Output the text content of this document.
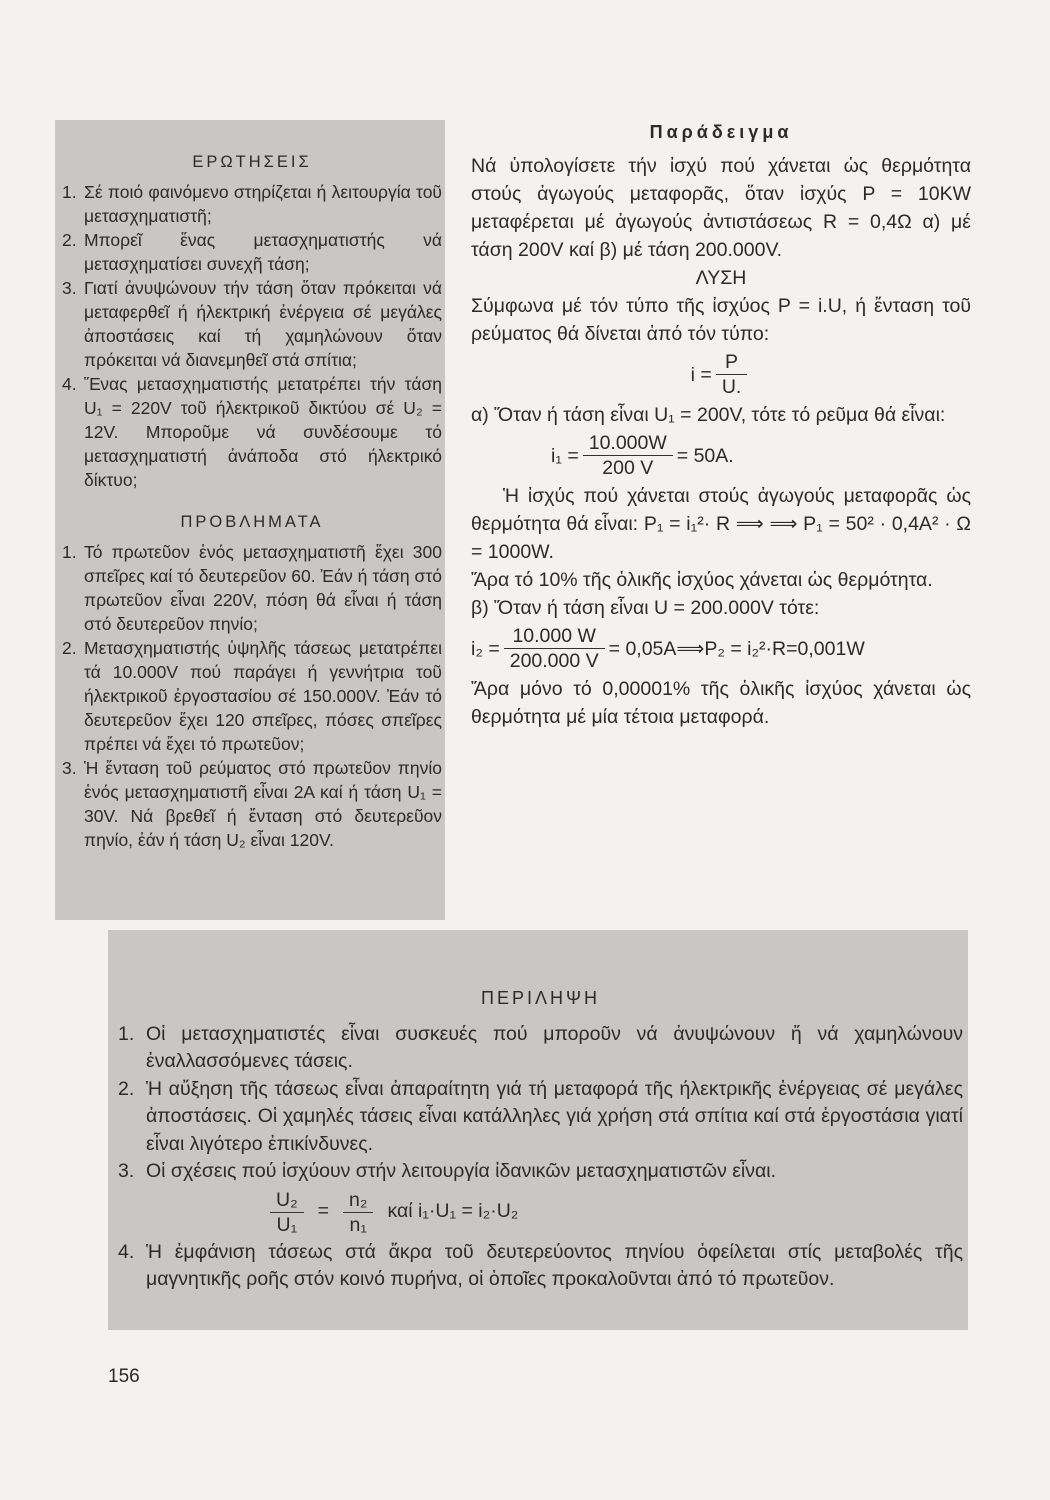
ΕΡΩΤΗΣΕΙΣ
1. Σέ ποιό φαινόμενο στηρίζεται ή λειτουργία τοῦ μετασχηματιστῆ;
2. Μπορεῖ ἕνας μετασχηματιστής νά μετασχηματίσει συνεχῆ τάση;
3. Γιατί ἀνυψώνουν τήν τάση ὅταν πρόκειται νά μεταφερθεῖ ή ήλεκτρική ἐνέργεια σέ μεγάλες ἀποστάσεις καί τή χαμηλώνουν ὅταν πρόκειται νά διανεμηθεῖ στά σπίτια;
4. Ἕνας μετασχηματιστής μετατρέπει τήν τάση U₁ = 220V τοῦ ήλεκτρικοῦ δικτύου σέ U₂ = 12V. Μποροῦμε νά συνδέσουμε τό μετασχηματιστή ἀνάποδα στό ήλεκτρικό δίκτυο;
ΠΡΟΒΛΗΜΑΤΑ
1. Τό πρωτεῦον ἑνός μετασχηματιστῆ ἔχει 300 σπεῖρες καί τό δευτερεῦον 60. Ἐάν ή τάση στό πρωτεῦον εἶναι 220V, πόση θά εἶναι ή τάση στό δευτερεῦον πηνίο;
2. Μετασχηματιστής ὑψηλῆς τάσεως μετατρέπει τά 10.000V πού παράγει ή γεννήτρια τοῦ ήλεκτρικοῦ ἐργοστασίου σέ 150.000V. Ἐάν τό δευτερεῦον ἔχει 120 σπεῖρες, πόσες σπεῖρες πρέπει νά ἔχει τό πρωτεῦον;
3. Ἡ ἔνταση τοῦ ρεύματος στό πρωτεῦον πηνίο ἑνός μετασχηματιστῆ εἶναι 2Α καί ή τάση U₁ = 30V. Νά βρεθεῖ ή ἔνταση στό δευτερεῦον πηνίο, ἐάν ή τάση U₂ εἶναι 120V.
Παράδειγμα

Νά ὑπολογίσετε τήν ἰσχύ πού χάνεται ὡς θερμότητα στούς ἀγωγούς μεταφορᾶς, ὅταν ἰσχύς P = 10KW μεταφέρεται μέ ἀγωγούς ἀντιστάσεως R = 0,4Ω α) μέ τάση 200V καί β) μέ τάση 200.000V.

ΛΥΣΗ

Σύμφωνα μέ τόν τύπο τῆς ἰσχύος P = i.U, ή ἔνταση τοῦ ρεύματος θά δίνεται ἀπό τόν τύπο:

$i = \frac{P}{U.}$

α) Ὅταν ή τάση εἶναι U₁ = 200V, τότε τό ρεῦμα θά εἶναι:

$i_1 = \frac{10.000W}{200 V} = 50A$.

Ἡ ἰσχύς πού χάνεται στούς ἀγωγούς μεταφορᾶς ὡς θερμότητα θά εἶναι: P₁ = i₁²· R ⟹ ⟹ P₁ = 50² · 0,4A² · Ω = 1000W.

Ἄρα τό 10% τῆς ὁλικῆς ἰσχύος χάνεται ὡς θερμότητα.

β) Ὅταν ή τάση εἶναι U = 200.000V τότε:

$i_2 = \frac{10.000 W}{200.000 V}$ = 0,05A⟹P₂ = i₂²·R=0,001W

Ἄρα μόνο τό 0,00001% τῆς ὁλικῆς ἰσχύος χάνεται ὡς θερμότητα μέ μία τέτοια μεταφορά.

ΠΕΡΙΛΗΨΗ
1. Οἱ μετασχηματιστές εἶναι συσκευές πού μποροῦν νά ἀνυψώνουν ἤ νά χαμηλώνουν ἐναλλασσόμενες τάσεις.
2. Ἡ αὔξηση τῆς τάσεως εἶναι ἀπαραίτητη γιά τή μεταφορά τῆς ήλεκτρικῆς ἐνέργειας σέ μεγάλες ἀποστάσεις. Οἱ χαμηλές τάσεις εἶναι κατάλληλες γιά χρήση στά σπίτια καί στά ἐργοστάσια γιατί εἶναι λιγότερο ἐπικίνδυνες.
3. Οἱ σχέσεις πού ἰσχύουν στήν λειτουργία ἰδανικῶν μετασχηματιστῶν εἶναι.
$\frac{\text{U₂}}{\text{U₁}} = \frac{\text{n₂}}{\text{n₁}}$ καί i₁·U₁ = i₂·U₂
4. Ἡ ἐμφάνιση τάσεως στά ἄκρα τοῦ δευτερεύοντος πηνίου ὀφείλεται στίς μεταβολές τῆς μαγνητικῆς ροῆς στόν κοινό πυρήνα, οἱ ὁποῖες προκαλοῦνται ἀπό τό πρωτεῦον.
156
